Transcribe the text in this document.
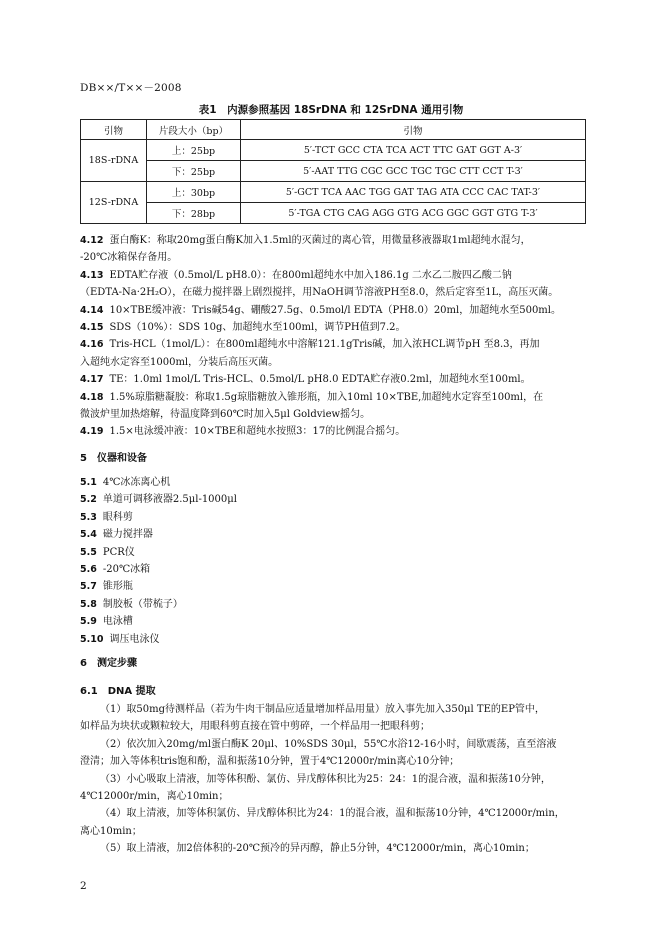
DB××/T××－2008
表1　内源参照基因 18SrDNA 和 12SrDNA 通用引物
引物	片段大小（bp）	引物
18S-rDNA	上：25bp	5′-TCT GCC CTA TCA ACT TTC GAT GGT A-3′
	下：25bp	5′-AAT TTG CGC GCC TGC TGC CTT CCT T-3′
12S-rDNA	上：30bp	5′-GCT TCA AAC TGG GAT TAG ATA CCC CAC TAT-3′
	下：28bp	5′-TGA CTG CAG AGG GTG ACG GGC GGT GTG T-3′

4.12 蛋白酶K：称取20mg蛋白酶K加入1.5ml的灭菌过的离心管，用微量移液器取1ml超纯水混匀，

-20℃冰箱保存备用。

4.13 EDTA贮存液（0.5mol/L pH8.0）：在800ml超纯水中加入186.1g 二水乙二胺四乙酸二钠

（EDTA-Na·2H₂O），在磁力搅拌器上剧烈搅拌，用NaOH调节溶液PH至8.0，然后定容至1L，高压灭菌。

4.14 10×TBE缓冲液：Tris碱54g、硼酸27.5g、0.5mol/l EDTA（PH8.0）20ml，加超纯水至500ml。

4.15 SDS（10%）：SDS 10g、加超纯水至100ml，调节PH值到7.2。

4.16 Tris-HCL（1mol/L）：在800ml超纯水中溶解121.1gTris碱，加入浓HCL调节pH 至8.3，再加

入超纯水定容至1000ml，分装后高压灭菌。

4.17 TE：1.0ml 1mol/L Tris-HCL、0.5mol/L pH8.0 EDTA贮存液0.2ml，加超纯水至100ml。

4.18 1.5%琼脂糖凝胶：称取1.5g琼脂糖放入锥形瓶，加入10ml 10×TBE,加超纯水定容至100ml，在

微波炉里加热熔解，待温度降到60℃时加入5μl Goldview摇匀。

4.19 1.5×电泳缓冲液：10×TBE和超纯水按照3：17的比例混合摇匀。

5　 仪器和设备

5.1 4℃冰冻离心机

5.2 单道可调移液器2.5μl-1000μl

5.3 眼科剪

5.4 磁力搅拌器

5.5 PCR仪

5.6 -20℃冰箱

5.7 锥形瓶

5.8 制胶板（带梳子）

5.9 电泳槽

5.10 调压电泳仪

6　 测定步骤

6.1　 DNA 提取

（1）取50mg待测样品（若为牛肉干制品应适量增加样品用量）放入事先加入350μl TE的EP管中，

如样品为块状或颗粒较大，用眼科剪直接在管中剪碎，一个样品用一把眼科剪；

（2）依次加入20mg/ml蛋白酶K 20μl、10%SDS 30μl，55℃水浴12-16小时，间歇震荡，直至溶液

澄清；加入等体积tris饱和酚，温和振荡10分钟，置于4℃12000r/min离心10分钟；

（3）小心吸取上清液，加等体积酚、氯仿、异戊醇体积比为25：24：1的混合液，温和振荡10分钟，

4℃12000r/min，离心10min；

（4）取上清液，加等体积氯仿、异戊醇体积比为24：1的混合液，温和振荡10分钟，4℃12000r/min，

离心10min；

（5）取上清液，加2倍体积的-20℃预冷的异丙醇，静止5分钟，4℃12000r/min，离心10min；

2
